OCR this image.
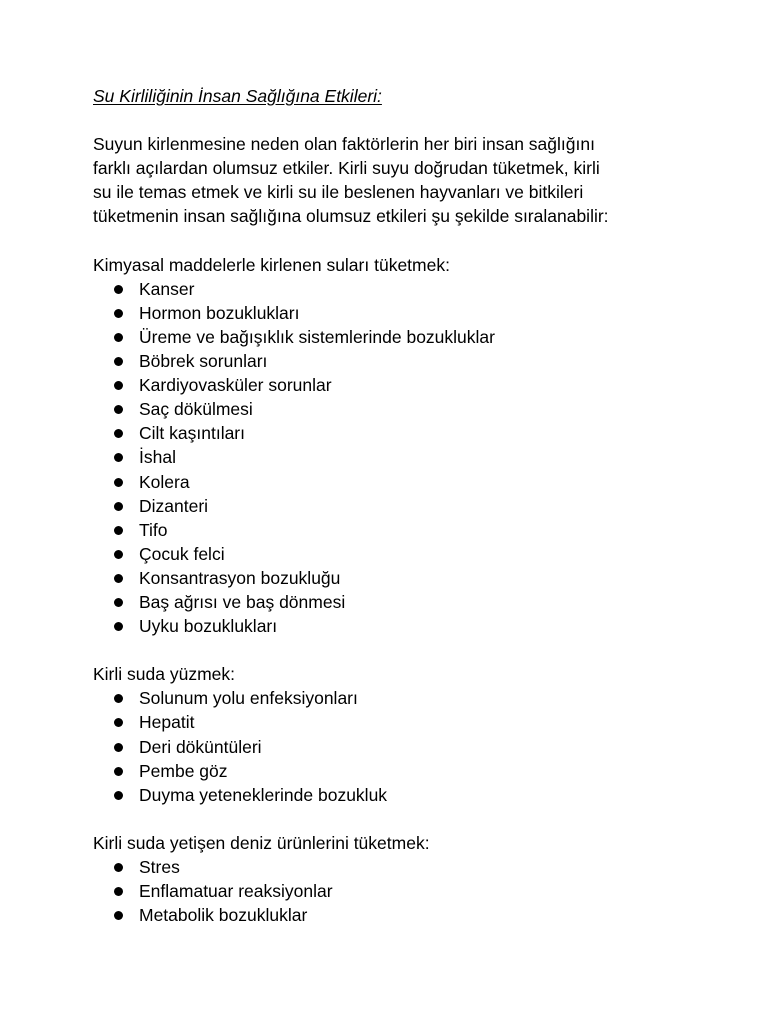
Su Kirliliğinin İnsan Sağlığına Etkileri:

Suyun kirlenmesine neden olan faktörlerin her biri insan sağlığını

farklı açılardan olumsuz etkiler. Kirli suyu doğrudan tüketmek, kirli

su ile temas etmek ve kirli su ile beslenen hayvanları ve bitkileri

tüketmenin insan sağlığına olumsuz etkileri şu şekilde sıralanabilir:

Kimyasal maddelerle kirlenen suları tüketmek:

Kanser
Hormon bozuklukları
Üreme ve bağışıklık sistemlerinde bozukluklar
Böbrek sorunları
Kardiyovasküler sorunlar
Saç dökülmesi
Cilt kaşıntıları
İshal
Kolera
Dizanteri
Tifo
Çocuk felci
Konsantrasyon bozukluğu
Baş ağrısı ve baş dönmesi
Uyku bozuklukları

Kirli suda yüzmek:

Solunum yolu enfeksiyonları
Hepatit
Deri döküntüleri
Pembe göz
Duyma yeteneklerinde bozukluk

Kirli suda yetişen deniz ürünlerini tüketmek:

Stres
Enflamatuar reaksiyonlar
Metabolik bozukluklar
